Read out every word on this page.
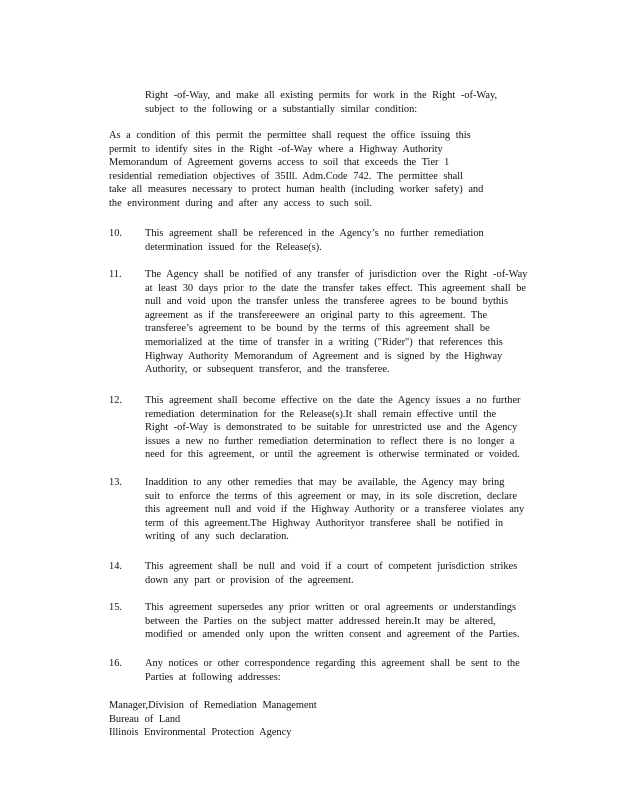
Right -of-Way, and make all existing permits for work in the Right -of-Way,
subject to the following or a substantially similar condition:
As a condition of this permit the permittee shall request the office issuing this
permit to identify sites in the Right -of-Way where a Highway Authority
Memorandum of Agreement governs access to soil that exceeds the Tier 1
residential remediation objectives of 35Ill. Adm.Code 742. The permittee shall
take all measures necessary to protect human health (including worker safety) and
the environment during and after any access to such soil.
10.	This agreement shall be referenced in the Agency’s no further remediation
determination issued for the Release(s).
11.	The Agency shall be notified of any transfer of jurisdiction over the Right -of-Way
at least 30 days prior to the date the transfer takes effect. This agreement shall be
null and void upon the transfer unless the transferee agrees to be bound bythis
agreement as if the transfereewere an original party to this agreement. The
transferee’s agreement to be bound by the terms of this agreement shall be
memorialized at the time of transfer in a writing ("Rider") that references this
Highway Authority Memorandum of Agreement and is signed by the Highway
Authority, or subsequent transferor, and the transferee.
12.	This agreement shall become effective on the date the Agency issues a no further
remediation determination for the Release(s).It shall remain effective until the
Right -of-Way is demonstrated to be suitable for unrestricted use and the Agency
issues a new no further remediation determination to reflect there is no longer a
need for this agreement, or until the agreement is otherwise terminated or voided.
13.	Inaddition to any other remedies that may be available, the Agency may bring
suit to enforce the terms of this agreement or may, in its sole discretion, declare
this agreement null and void if the Highway Authority or a transferee violates any
term of this agreement.The Highway Authorityor transferee shall be notified in
writing of any such declaration.
14.	This agreement shall be null and void if a court of competent jurisdiction strikes
down any part or provision of the agreement.
15.	This agreement supersedes any prior written or oral agreements or understandings
between the Parties on the subject matter addressed herein.It may be altered,
modified or amended only upon the written consent and agreement of the Parties.
16.	Any notices or other correspondence regarding this agreement shall be sent to the
Parties at following addresses:
Manager,Division of Remediation Management
Bureau of Land
Illinois Environmental Protection Agency
